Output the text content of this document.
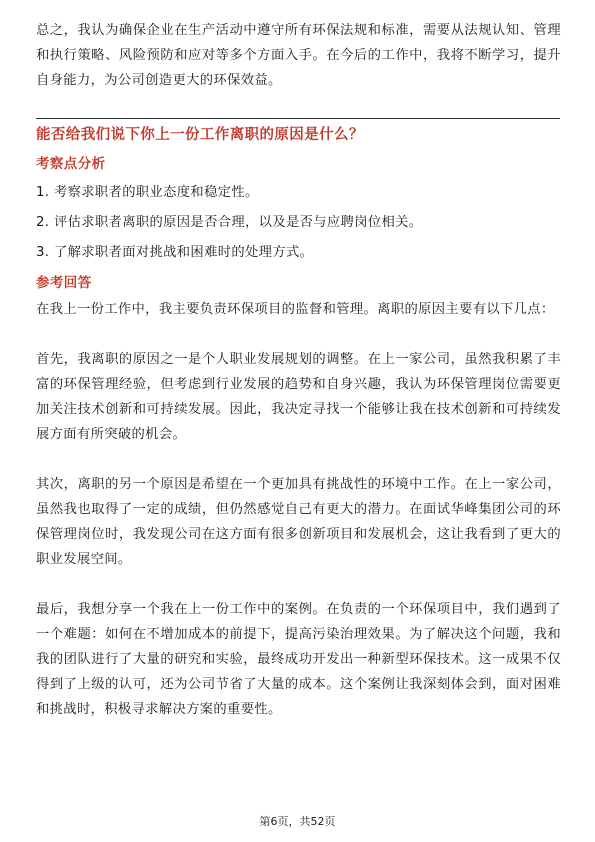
总之，我认为确保企业在生产活动中遵守所有环保法规和标准，需要从法规认知、管理和执行策略、风险预防和应对等多个方面入手。在今后的工作中，我将不断学习，提升自身能力，为公司创造更大的环保效益。

能否给我们说下你上一份工作离职的原因是什么？
考察点分析
1. 考察求职者的职业态度和稳定性。
2. 评估求职者离职的原因是否合理，以及是否与应聘岗位相关。
3. 了解求职者面对挑战和困难时的处理方式。
参考回答

在我上一份工作中，我主要负责环保项目的监督和管理。离职的原因主要有以下几点：

首先，我离职的原因之一是个人职业发展规划的调整。在上一家公司，虽然我积累了丰富的环保管理经验，但考虑到行业发展的趋势和自身兴趣，我认为环保管理岗位需要更加关注技术创新和可持续发展。因此，我决定寻找一个能够让我在技术创新和可持续发展方面有所突破的机会。

其次，离职的另一个原因是希望在一个更加具有挑战性的环境中工作。在上一家公司，虽然我也取得了一定的成绩，但仍然感觉自己有更大的潜力。在面试华峰集团公司的环保管理岗位时，我发现公司在这方面有很多创新项目和发展机会，这让我看到了更大的职业发展空间。

最后，我想分享一个我在上一份工作中的案例。在负责的一个环保项目中，我们遇到了一个难题：如何在不增加成本的前提下，提高污染治理效果。为了解决这个问题，我和我的团队进行了大量的研究和实验，最终成功开发出一种新型环保技术。这一成果不仅得到了上级的认可，还为公司节省了大量的成本。这个案例让我深刻体会到，面对困难和挑战时，积极寻求解决方案的重要性。

第6页，共52页
